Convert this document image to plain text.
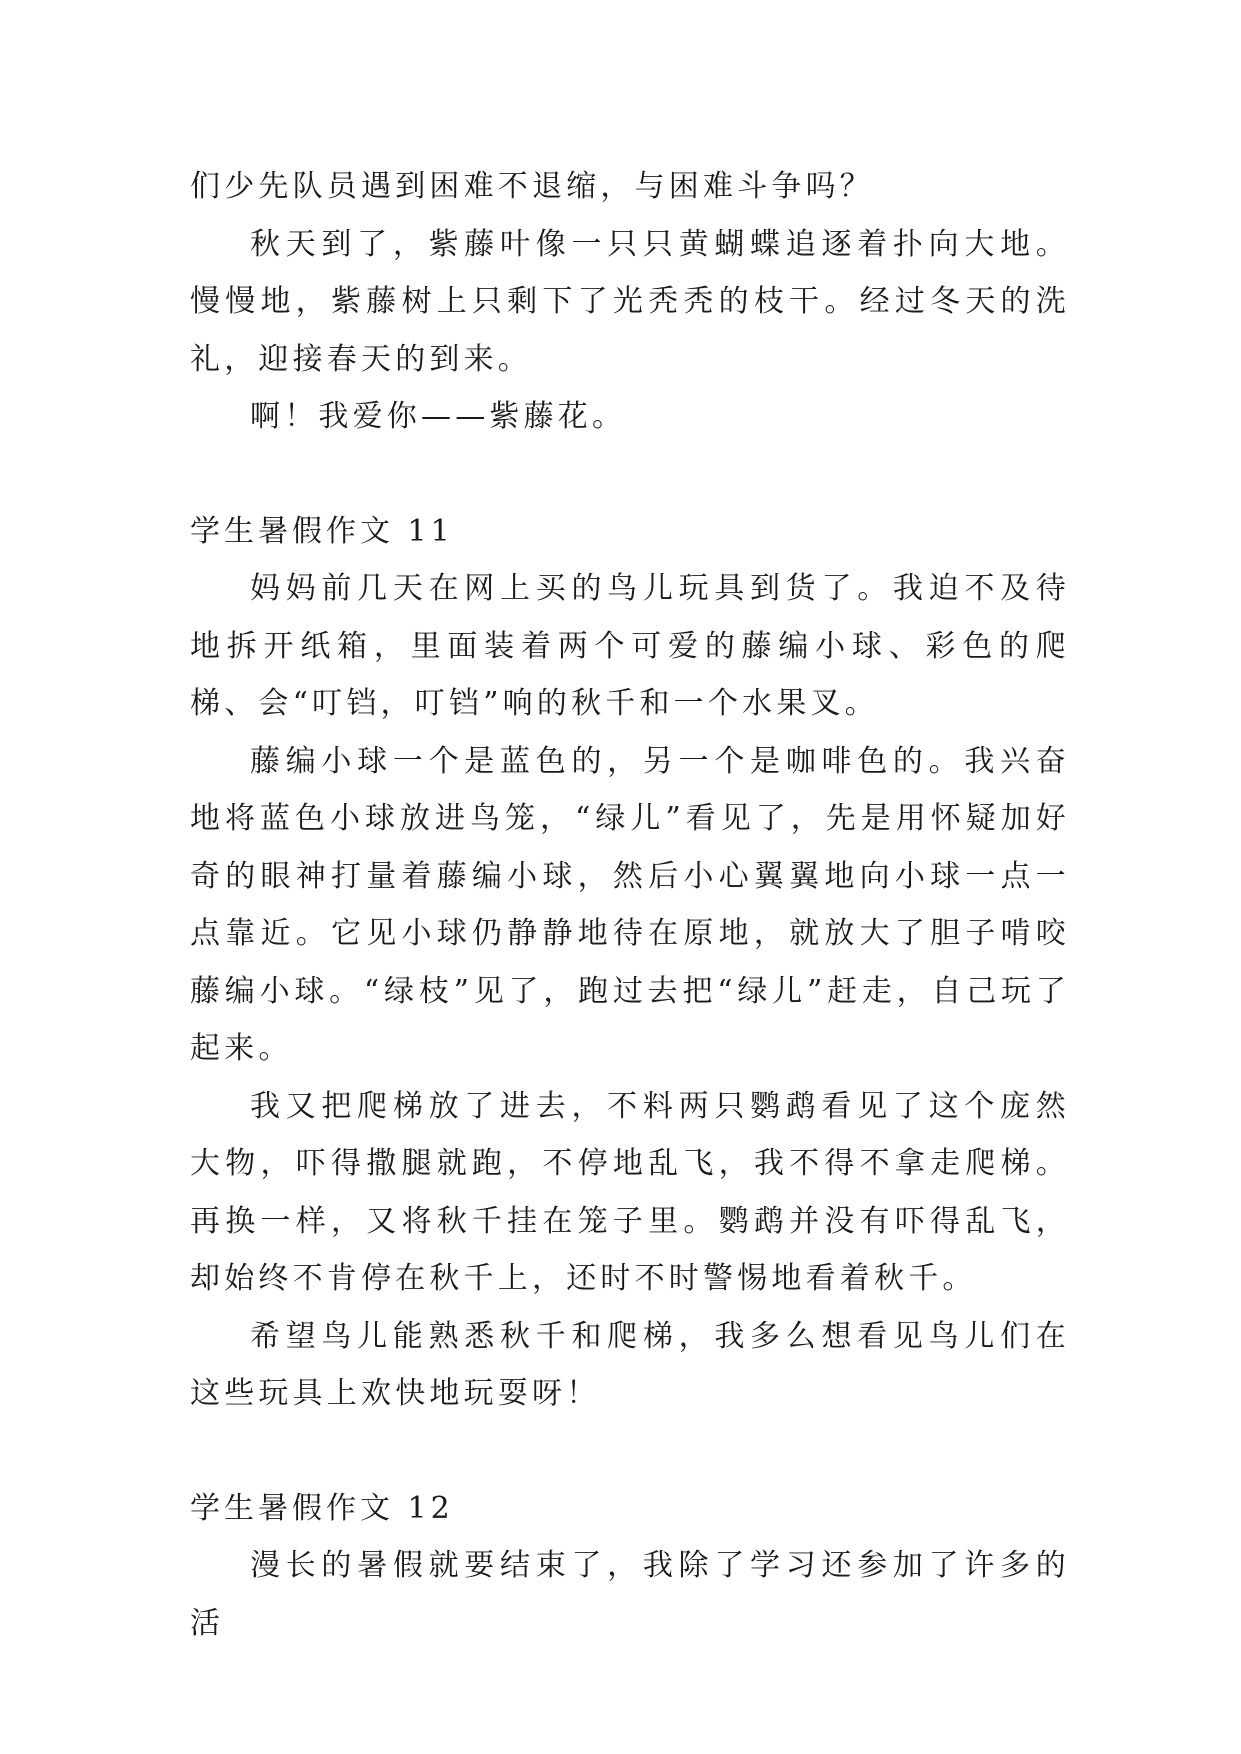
们少先队员遇到困难不退缩，与困难斗争吗？

秋天到了，紫藤叶像一只只黄蝴蝶追逐着扑向大地。慢慢地，紫藤树上只剩下了光秃秃的枝干。经过冬天的洗礼，迎接春天的到来。

啊！我爱你——紫藤花。

学生暑假作文 11

妈妈前几天在网上买的鸟儿玩具到货了。我迫不及待地拆开纸箱，里面装着两个可爱的藤编小球、彩色的爬梯、会“叮铛，叮铛”响的秋千和一个水果叉。

藤编小球一个是蓝色的，另一个是咖啡色的。我兴奋地将蓝色小球放进鸟笼，“绿儿”看见了，先是用怀疑加好奇的眼神打量着藤编小球，然后小心翼翼地向小球一点一点靠近。它见小球仍静静地待在原地，就放大了胆子啃咬藤编小球。“绿枝”见了，跑过去把“绿儿”赶走，自己玩了起来。

我又把爬梯放了进去，不料两只鹦鹉看见了这个庞然大物，吓得撒腿就跑，不停地乱飞，我不得不拿走爬梯。再换一样，又将秋千挂在笼子里。鹦鹉并没有吓得乱飞，却始终不肯停在秋千上，还时不时警惕地看着秋千。

希望鸟儿能熟悉秋千和爬梯，我多么想看见鸟儿们在这些玩具上欢快地玩耍呀！

学生暑假作文 12

漫长的暑假就要结束了，我除了学习还参加了许多的活
